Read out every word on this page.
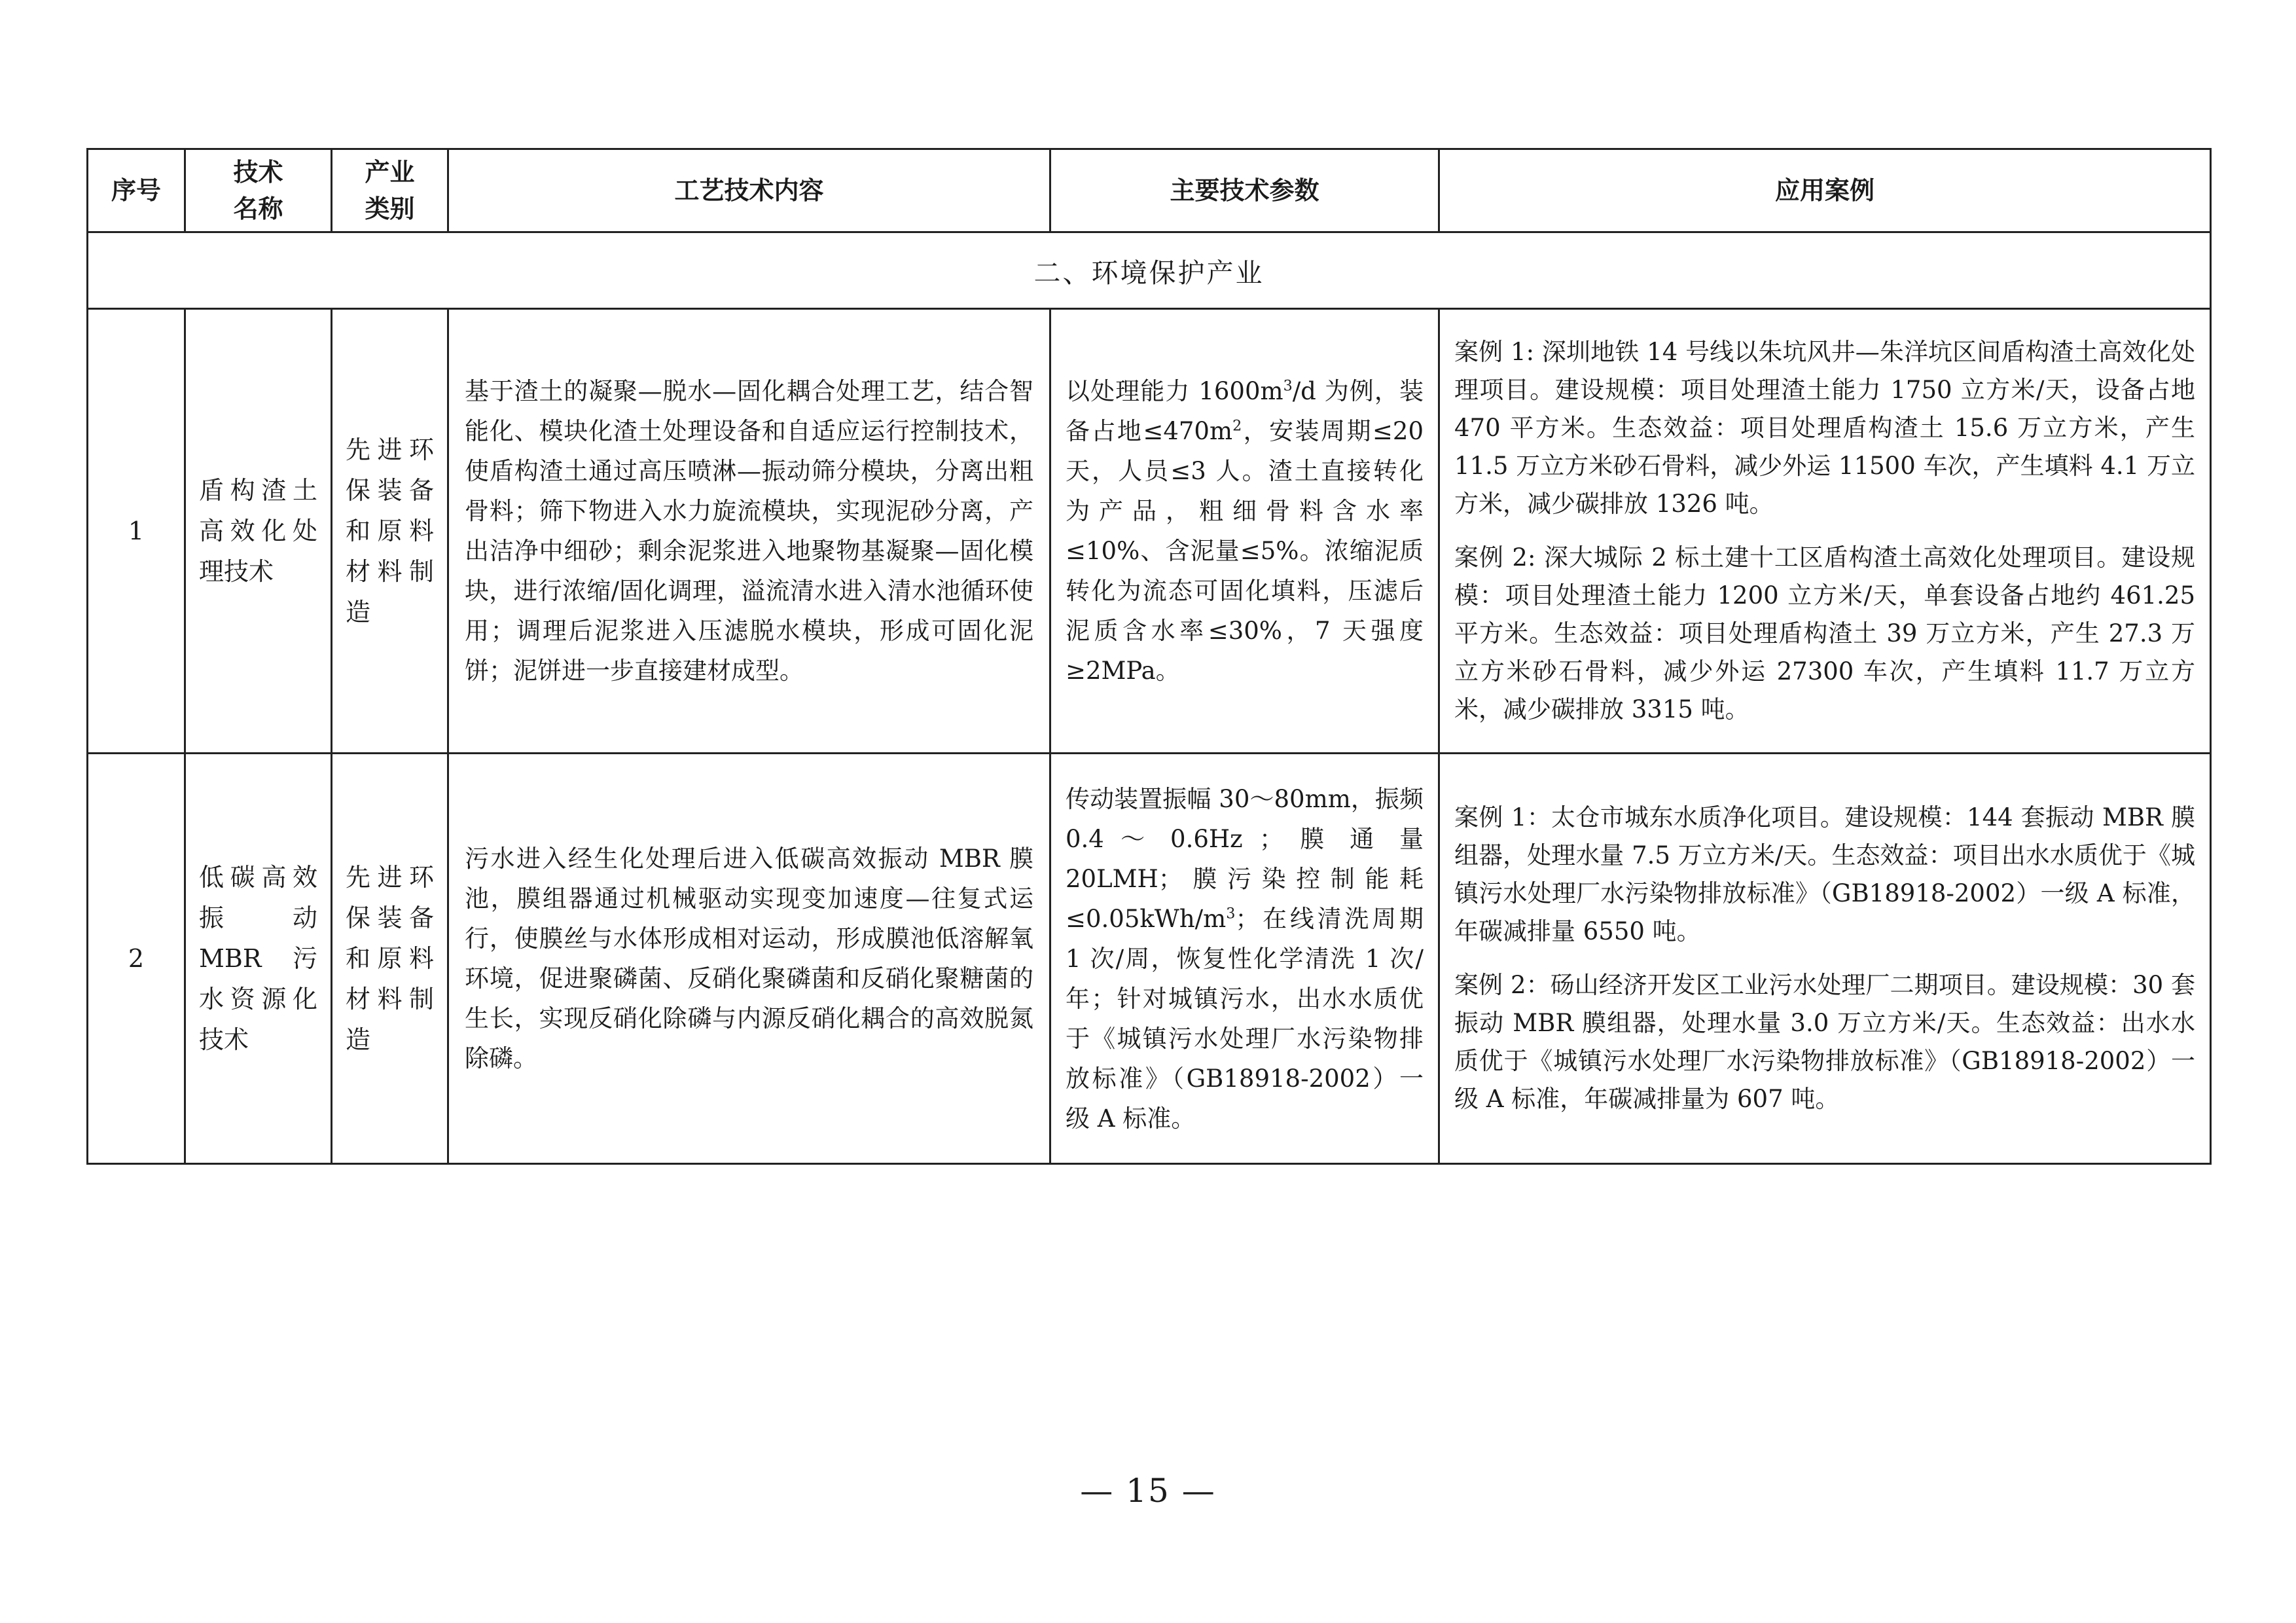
序号	技术名称	产业类别	工艺技术内容	主要技术参数	应用案例
二、环境保护产业					
1	盾构渣土高效化处理技术	先进环保装备和原料材料制造	基于渣土的凝聚—脱水—固化耦合处理工艺，结合智能化、模块化渣土处理设备和自适应运行控制技术，使盾构渣土通过高压喷淋—振动筛分模块，分离出粗骨料；筛下物进入水力旋流模块，实现泥砂分离，产出洁净中细砂；剩余泥浆进入地聚物基凝聚—固化模块，进行浓缩/固化调理，溢流清水进入清水池循环使用；调理后泥浆进入压滤脱水模块，形成可固化泥饼；泥饼进一步直接建材成型。	以处理能力 $1600m^3/d$ 为例，装备占地$\le 470m^2$，安装周期≤20 天，人员≤3 人。渣土直接转化为产品，粗细骨料含水率≤10%、含泥量≤5%。浓缩泥质转化为流态可固化填料，压滤后泥质含水率≤30%，7 天强度≥2MPa。	案例 1: 深圳地铁 14 号线以朱坑风井—朱洋坑区间盾构渣土高效化处理项目。建设规模：项目处理渣土能力 1750 立方米/天，设备占地 470 平方米。生态效益：项目处理盾构渣土 15.6 万立方米，产生 11.5 万立方米砂石骨料，减少外运 11500 车次，产生填料 4.1 万立方米，减少碳排放 1326 吨。
案例 2: 深大城际 2 标土建十工区盾构渣土高效化处理项目。建设规模：项目处理渣土能力 1200 立方米/天，单套设备占地约 461.25 平方米。生态效益：项目处理盾构渣土 39 万立方米，产生 27.3 万立方米砂石骨料，减少外运 27300 车次，产生填料 11.7 万立方米，减少碳排放 3315 吨。

2	低碳高效振动 MBR 污水资源化技术	先进环保装备和原料材料制造	污水进入经生化处理后进入低碳高效振动 MBR 膜池，膜组器通过机械驱动实现变加速度—往复式运行，使膜丝与水体形成相对运动，形成膜池低溶解氧环境，促进聚磷菌、反硝化聚磷菌和反硝化聚糖菌的生长，实现反硝化除磷与内源反硝化耦合的高效脱氮除磷。	传动装置振幅 30～80mm，振频 0.4 ～ 0.6Hz ； 膜 通 量20LMH；膜污染控制能耗$\le 0.05kWh/m^3$；在线清洗周期 1 次/周，恢复性化学清洗 1 次/年；针对城镇污水，出水水质优于《城镇污水处理厂水污染物排放标准》（GB18918-2002）一级 A 标准。	案例 1：太仓市城东水质净化项目。建设规模：144 套振动 MBR 膜组器，处理水量 7.5 万立方米/天。生态效益：项目出水水质优于《城镇污水处理厂水污染物排放标准》（GB18918-2002）一级 A 标准，年碳减排量 6550 吨。
案例 2：砀山经济开发区工业污水处理厂二期项目。建设规模：30 套振动 MBR 膜组器，处理水量 3.0 万立方米/天。生态效益：出水水质优于《城镇污水处理厂水污染物排放标准》（GB18918-2002）一级 A 标准，年碳减排量为 607 吨。
— 15 —
